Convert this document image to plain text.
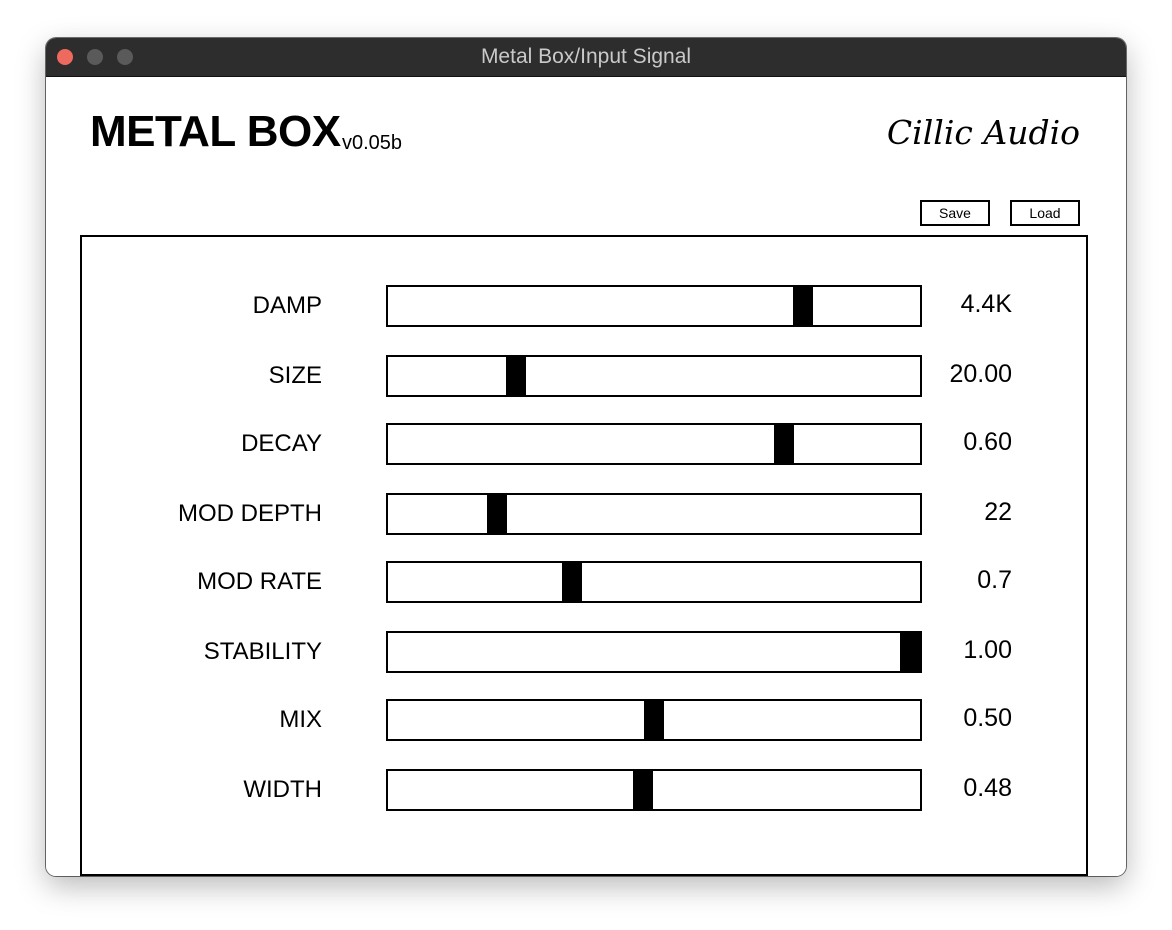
Metal Box/Input Signal
METAL BOX v0.05b	Cillic Audio
Save	Load
DAMP	4.4K
SIZE	20.00
DECAY	0.60
MOD DEPTH	22
MOD RATE	0.7
STABILITY	1.00
MIX	0.50
WIDTH	0.48
